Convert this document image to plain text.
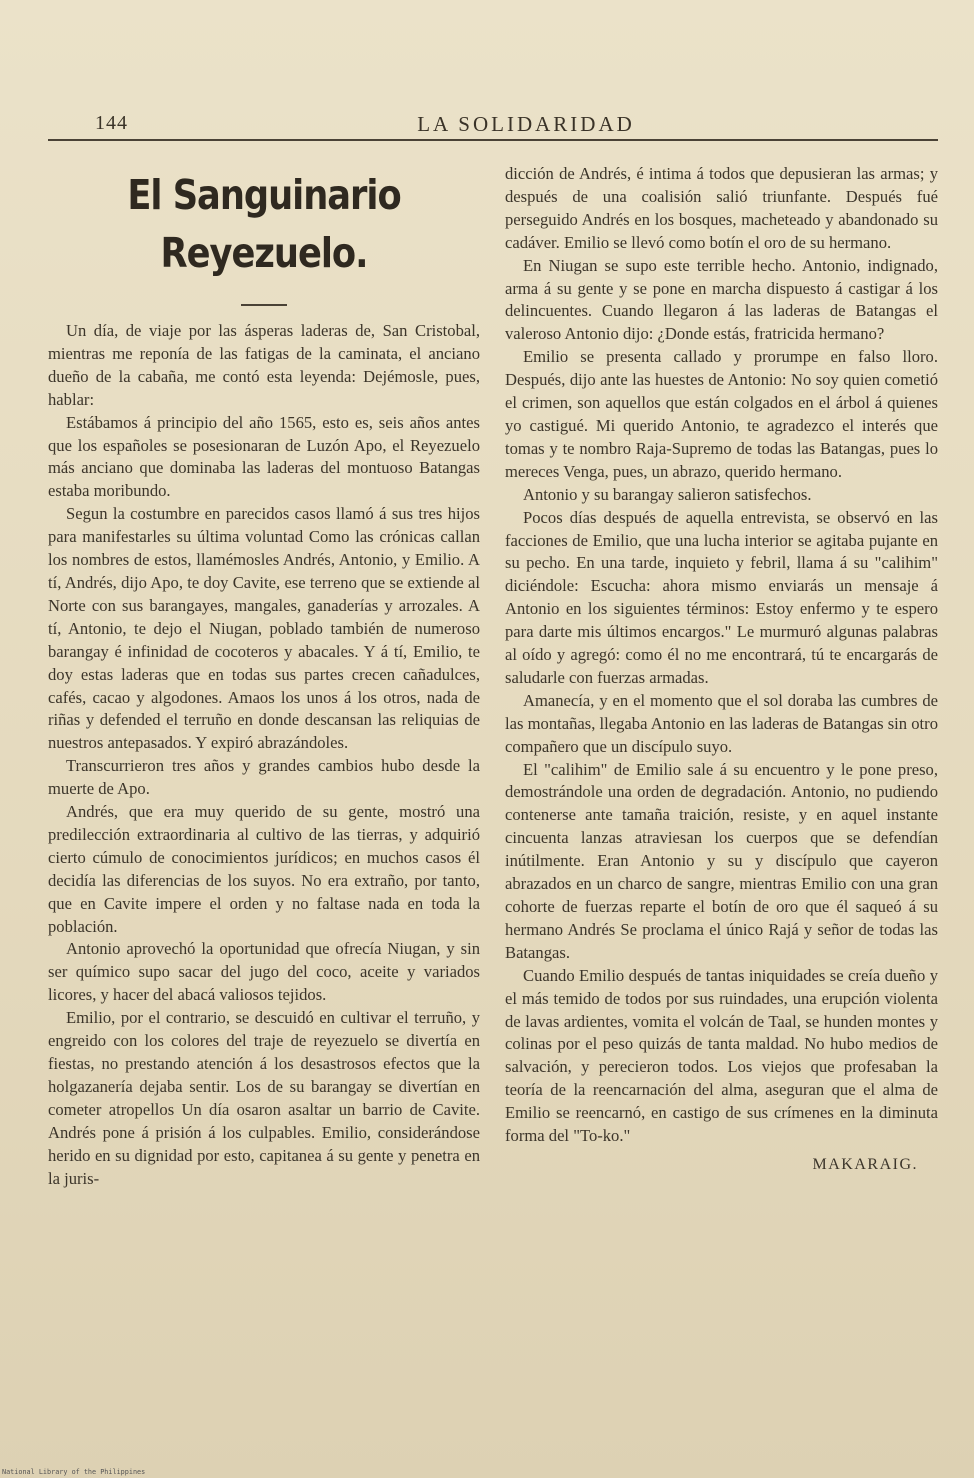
144	LA SOLIDARIDAD
El Sanguinario Reyezuelo.

Un día, de viaje por las ásperas laderas de, San Cristobal, mientras me reponía de las fatigas de la caminata, el anciano dueño de la cabaña, me contó esta leyenda: Dejémosle, pues, hablar:

Estábamos á principio del año 1565, esto es, seis años antes que los españoles se posesionaran de Luzón Apo, el Reyezuelo más anciano que dominaba las laderas del montuoso Batangas estaba moribundo.

Segun la costumbre en parecidos casos llamó á sus tres hijos para manifestarles su última voluntad Como las crónicas callan los nombres de estos, llamémosles Andrés, Antonio, y Emilio. A tí, Andrés, dijo Apo, te doy Cavite, ese terreno que se extiende al Norte con sus barangayes, mangales, ganaderías y arrozales. A tí, Antonio, te dejo el Niugan, poblado también de numeroso barangay é infinidad de cocoteros y abacales. Y á tí, Emilio, te doy estas laderas que en todas sus partes crecen cañadulces, cafés, cacao y algodones. Amaos los unos á los otros, nada de riñas y defended el terruño en donde descansan las reliquias de nuestros antepasados. Y expiró abrazándoles.

Transcurrieron tres años y grandes cambios hubo desde la muerte de Apo.

Andrés, que era muy querido de su gente, mostró una predilección extraordinaria al cultivo de las tierras, y adquirió cierto cúmulo de conocimientos jurídicos; en muchos casos él decidía las diferencias de los suyos. No era extraño, por tanto, que en Cavite impere el orden y no faltase nada en toda la población.

Antonio aprovechó la oportunidad que ofrecía Niugan, y sin ser químico supo sacar del jugo del coco, aceite y variados licores, y hacer del abacá valiosos tejidos.

Emilio, por el contrario, se descuidó en cultivar el terruño, y engreido con los colores del traje de reyezuelo se divertía en fiestas, no prestando atención á los desastrosos efectos que la holgazanería dejaba sentir. Los de su barangay se divertían en cometer atropellos Un día osaron asaltar un barrio de Cavite. Andrés pone á prisión á los culpables. Emilio, considerándose herido en su dignidad por esto, capitanea á su gente y penetra en la juris-

dicción de Andrés, é intima á todos que depusieran las armas; y después de una coalisión salió triunfante. Después fué perseguido Andrés en los bosques, macheteado y abandonado su cadáver. Emilio se llevó como botín el oro de su hermano.

En Niugan se supo este terrible hecho. Antonio, indignado, arma á su gente y se pone en marcha dispuesto á castigar á los delincuentes. Cuando llegaron á las laderas de Batangas el valeroso Antonio dijo: ¿Donde estás, fratricida hermano?

Emilio se presenta callado y prorumpe en falso lloro. Después, dijo ante las huestes de Antonio: No soy quien cometió el crimen, son aquellos que están colgados en el árbol á quienes yo castigué. Mi querido Antonio, te agradezco el interés que tomas y te nombro Raja-Supremo de todas las Batangas, pues lo mereces Venga, pues, un abrazo, querido hermano.

Antonio y su barangay salieron satisfechos.

Pocos días después de aquella entrevista, se observó en las facciones de Emilio, que una lucha interior se agitaba pujante en su pecho. En una tarde, inquieto y febril, llama á su "calihim" diciéndole: Escucha: ahora mismo enviarás un mensaje á Antonio en los siguientes términos: Estoy enfermo y te espero para darte mis últimos encargos." Le murmuró algunas palabras al oído y agregó: como él no me encontrará, tú te encargarás de saludarle con fuerzas armadas.

Amanecía, y en el momento que el sol doraba las cumbres de las montañas, llegaba Antonio en las laderas de Batangas sin otro compañero que un discípulo suyo.

El "calihim" de Emilio sale á su encuentro y le pone preso, demostrándole una orden de degradación. Antonio, no pudiendo contenerse ante tamaña traición, resiste, y en aquel instante cincuenta lanzas atraviesan los cuerpos que se defendían inútilmente. Eran Antonio y su y discípulo que cayeron abrazados en un charco de sangre, mientras Emilio con una gran cohorte de fuerzas reparte el botín de oro que él saqueó á su hermano Andrés Se proclama el único Rajá y señor de todas las Batangas.

Cuando Emilio después de tantas iniquidades se creía dueño y el más temido de todos por sus ruindades, una erupción violenta de lavas ardientes, vomita el volcán de Taal, se hunden montes y colinas por el peso quizás de tanta maldad. No hubo medios de salvación, y perecieron todos. Los viejos que profesaban la teoría de la reencarnación del alma, aseguran que el alma de Emilio se reencarnó, en castigo de sus crímenes en la diminuta forma del "To-ko."

MAKARAIG.
National Library of the Philippines
